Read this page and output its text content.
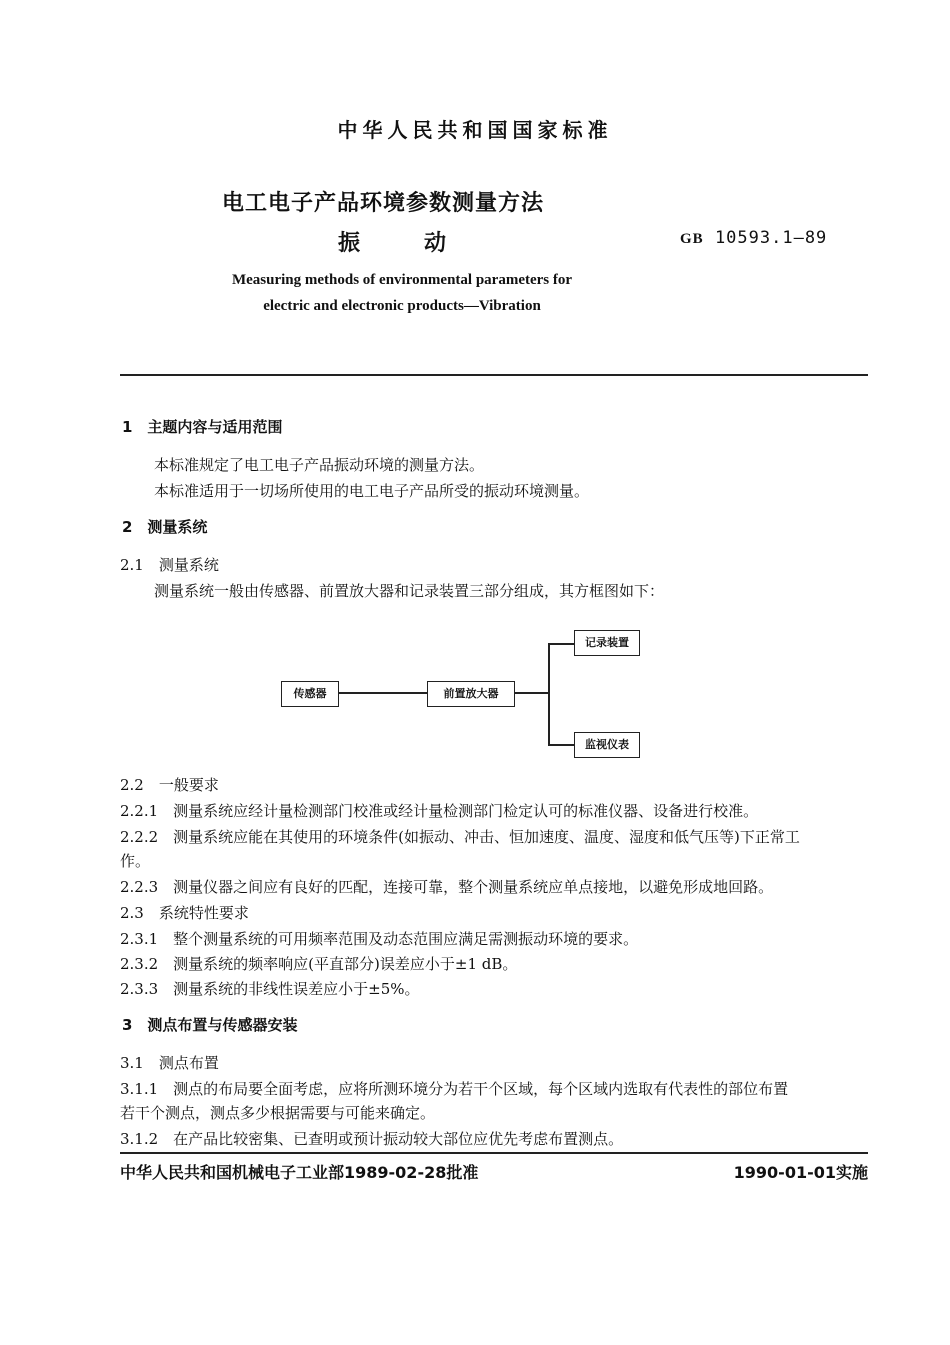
中华人民共和国国家标准
电工电子产品环境参数测量方法
振动	GB 10593.1—89
Measuring methods of environmental parameters for
electric and electronic products—Vibration
1　主题内容与适用范围
本标准规定了电工电子产品振动环境的测量方法。
本标准适用于一切场所使用的电工电子产品所受的振动环境测量。
2　测量系统
2.1　测量系统
测量系统一般由传感器、前置放大器和记录装置三部分组成，其方框图如下：
传感器	前置放大器
记录装置
监视仪表
2.2　一般要求
2.2.1　测量系统应经计量检测部门校准或经计量检测部门检定认可的标准仪器、设备进行校准。
2.2.2　测量系统应能在其使用的环境条件(如振动、冲击、恒加速度、温度、湿度和低气压等)下正常工
作。
2.2.3　测量仪器之间应有良好的匹配，连接可靠，整个测量系统应单点接地，以避免形成地回路。
2.3　系统特性要求
2.3.1　整个测量系统的可用频率范围及动态范围应满足需测振动环境的要求。
2.3.2　测量系统的频率响应(平直部分)误差应小于±1 dB。
2.3.3　测量系统的非线性误差应小于±5%。
3　测点布置与传感器安装
3.1　测点布置
3.1.1　测点的布局要全面考虑，应将所测环境分为若干个区域，每个区域内选取有代表性的部位布置
若干个测点，测点多少根据需要与可能来确定。
3.1.2　在产品比较密集、已查明或预计振动较大部位应优先考虑布置测点。
中华人民共和国机械电子工业部1989-02-28批准	1990-01-01实施
